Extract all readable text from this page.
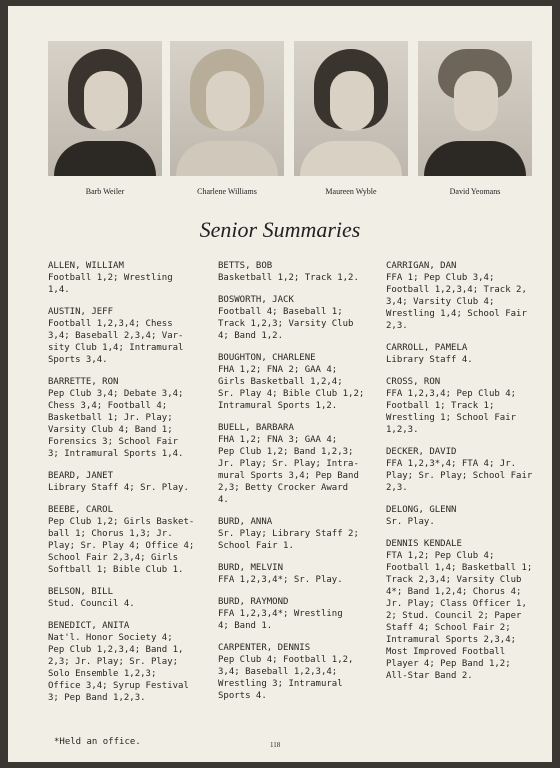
Barb Weiler	Charlene Williams	Maureen Wyble	David Yeomans
Senior Summaries
ALLEN, WILLIAM
Football 1,2; Wrestling
1,4.
AUSTIN, JEFF
Football 1,2,3,4; Chess
3,4; Baseball 2,3,4; Var-
sity Club 1,4; Intramural
Sports 3,4.
BARRETTE, RON
Pep Club 3,4; Debate 3,4;
Chess 3,4; Football 4;
Basketball 1; Jr. Play;
Varsity Club 4; Band 1;
Forensics 3; School Fair
3; Intramural Sports 1,4.
BEARD, JANET
Library Staff 4; Sr. Play.
BEEBE, CAROL
Pep Club 1,2; Girls Basket-
ball 1; Chorus 1,3; Jr.
Play; Sr. Play 4; Office 4;
School Fair 2,3,4; Girls
Softball 1; Bible Club 1.
BELSON, BILL
Stud. Council 4.
BENEDICT, ANITA
Nat'l. Honor Society 4;
Pep Club 1,2,3,4; Band 1,
2,3; Jr. Play; Sr. Play;
Solo Ensemble 1,2,3;
Office 3,4; Syrup Festival
3; Pep Band 1,2,3.
BETTS, BOB
Basketball 1,2; Track 1,2.
BOSWORTH, JACK
Football 4; Baseball 1;
Track 1,2,3; Varsity Club
4; Band 1,2.
BOUGHTON, CHARLENE
FHA 1,2; FNA 2; GAA 4;
Girls Basketball 1,2,4;
Sr. Play 4; Bible Club 1,2;
Intramural Sports 1,2.
BUELL, BARBARA
FHA 1,2; FNA 3; GAA 4;
Pep Club 1,2; Band 1,2,3;
Jr. Play; Sr. Play; Intra-
mural Sports 3,4; Pep Band
2,3; Betty Crocker Award
4.
BURD, ANNA
Sr. Play; Library Staff 2;
School Fair 1.
BURD, MELVIN
FFA 1,2,3,4*; Sr. Play.
BURD, RAYMOND
FFA 1,2,3,4*; Wrestling
4; Band 1.
CARPENTER, DENNIS
Pep Club 4; Football 1,2,
3,4; Baseball 1,2,3,4;
Wrestling 3; Intramural
Sports 4.
CARRIGAN, DAN
FFA 1; Pep Club 3,4;
Football 1,2,3,4; Track 2,
3,4; Varsity Club 4;
Wrestling 1,4; School Fair
2,3.
CARROLL, PAMELA
Library Staff 4.
CROSS, RON
FFA 1,2,3,4; Pep Club 4;
Football 1; Track 1;
Wrestling 1; School Fair
1,2,3.
DECKER, DAVID
FFA 1,2,3*,4; FTA 4; Jr.
Play; Sr. Play; School Fair
2,3.
DELONG, GLENN
Sr. Play.
DENNIS KENDALE
FTA 1,2; Pep Club 4;
Football 1,4; Basketball 1;
Track 2,3,4; Varsity Club
4*; Band 1,2,4; Chorus 4;
Jr. Play; Class Officer 1,
2; Stud. Council 2; Paper
Staff 4; School Fair 2;
Intramural Sports 2,3,4;
Most Improved Football
Player 4; Pep Band 1,2;
All-Star Band 2.
*Held an office.	118
